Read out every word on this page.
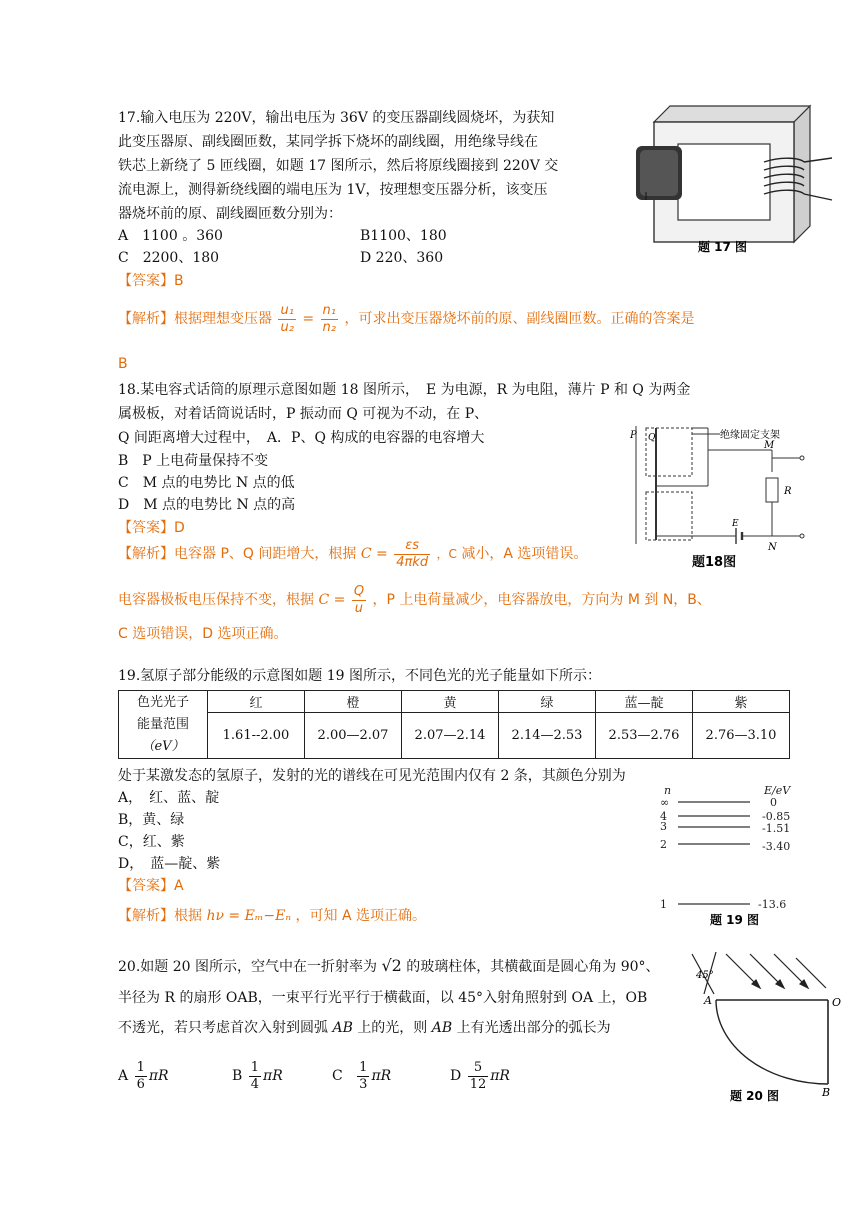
17.输入电压为 220V，输出电压为 36V 的变压器副线圆烧坏，为获知
此变压器原、副线圈匝数，某同学拆下烧坏的副线圈，用绝缘导线在
铁芯上新绕了 5 匝线圈，如题 17 图所示，然后将原线圈接到 220V 交
流电源上，测得新绕线圈的端电压为 1V，按理想变压器分析，该变压
器烧坏前的原、副线圈匝数分别为：
A　1100 。360	B1100、180
C　2200、180	D 220、360
【答案】B
【解析】根据理想变压器 $\frac{\text{u₁}}{\text{u₂}} = \frac{\text{n₁}}{\text{n₂}}$ ，可求出变压器烧坏前的原、副线圈匝数。正确的答案是
B
题 17 图
18.某电容式话筒的原理示意图如题 18 图所示，　E 为电源，R 为电阻，薄片 P 和 Q 为两金
属极板，对着话筒说话时，P 振动而 Q 可视为不动，在 P、
Q 间距离增大过程中，　A．P、Q 构成的电容器的电容增大
B　P 上电荷量保持不变
C　M 点的电势比 N 点的低
D　M 点的电势比 N 点的高
【答案】D
【解析】电容器 P、Q 间距增大，根据 $C = \frac{\varepsilon s}{\text{4πkd}}$ ，C 减小，A 选项错误。
电容器极板电压保持不变，根据 $C = \frac{Q}{u}$ ，P 上电荷量减少，电容器放电，方向为 M 到 N，B、
C 选项错误，D 选项正确。
绝缘固定支架
P Q
M
R
E
N
题18图
19.氢原子部分能级的示意图如题 19 图所示，不同色光的光子能量如下所示：
色光光子
能量范围
（eV）	红	橙	黄	绿	蓝—靛	紫
	1.61--2.00	2.00—2.07	2.07—2.14	2.14—2.53	2.53—2.76	2.76—3.10
处于某激发态的氢原子，发射的光的谱线在可见光范围内仅有 2 条，其颜色分别为
A，　红、蓝、靛
B，黄、绿
C，红、紫
D，　蓝—靛、紫
【答案】A
【解析】根据 hν = Eₘ−Eₙ ，可知 A 选项正确。
n	E/eV
∞	0
4	-0.85
3	-1.51
2	-3.40
1	-13.6
题 19 图
20.如题 20 图所示，空气中在一折射率为 √2 的玻璃柱体，其横截面是圆心角为 90°、
半径为 R 的扇形 OAB，一束平行光平行于横截面，以 45°入射角照射到 OA 上，OB
不透光，若只考虑首次入射到圆弧 AB 上的光，则 AB 上有光透出部分的弧长为
A $\frac{1}{6}$ πR	B $\frac{1}{4}$ πR	C $\frac{1}{3}$ πR	D $\frac{5}{12}$ πR
45°
A	O
B
题 20 图
